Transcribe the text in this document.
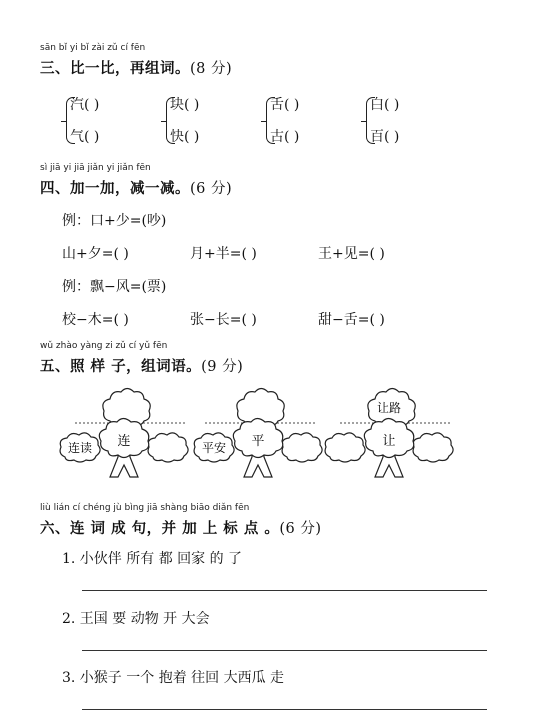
sān bǐ yi bǐ zài zǔ cí fēn
三、比一比，再组词。(8 分)
汽( )
气( )
块( )
快( )
舌( )
古( )
白( )
百( )
sì jiā yi jiā jiǎn yi jiǎn fēn
四、加一加，减一减。(6 分)
例：口+少=(吵)
山+夕=( )	月+半=( )	王+见=( )
例：飘−风=(票)
校−木=( )	张−长=( )	甜−舌=( )
wǔ zhào yàng zi zǔ cí yǔ fēn
五、照 样 子，组词语。(9 分)
连
连读	平
平安	让
让路
liù lián cí chéng jù bìng jiā shàng biāo diǎn fēn
六、连 词 成 句，并 加 上 标 点 。(6 分)
1. 小伙伴 所有 都 回家 的 了
2. 王国 要 动物 开 大会
3. 小猴子 一个 抱着 往回 大西瓜 走
